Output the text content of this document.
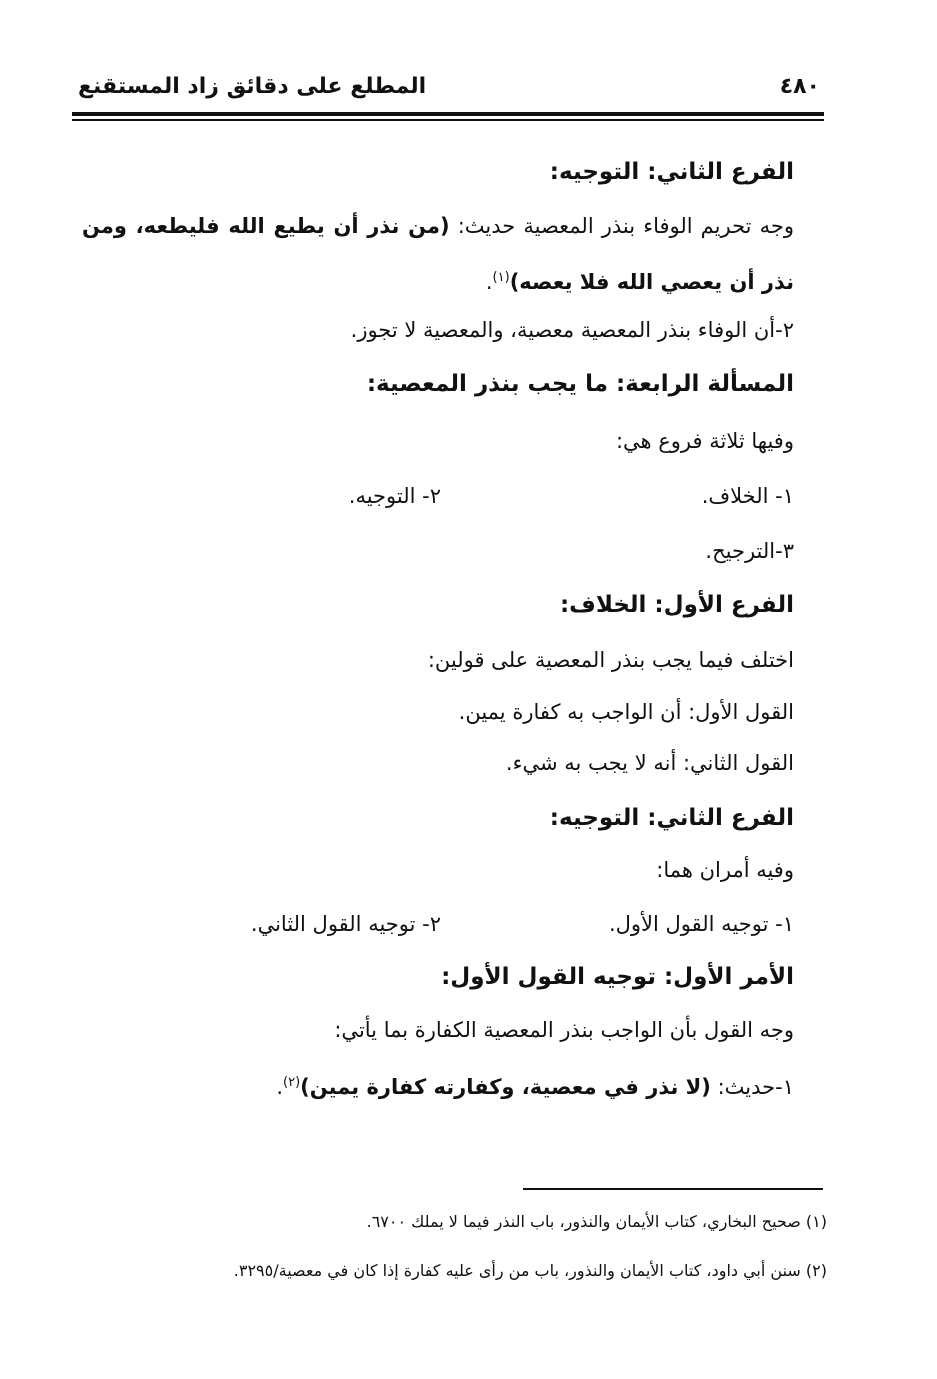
٤٨٠
المطلع على دقائق زاد المستقنع
الفرع الثاني: التوجيه:
وجه تحريم الوفاء بنذر المعصية حديث: (من نذر أن يطيع الله فليطعه، ومن
نذر أن يعصي الله فلا يعصه)$^{(١)}$.
٢-أن الوفاء بنذر المعصية معصية، والمعصية لا تجوز.
المسألة الرابعة: ما يجب بنذر المعصية:
وفيها ثلاثة فروع هي:
١- الخلاف.
٢- التوجيه.
٣-الترجيح.
الفرع الأول: الخلاف:
اختلف فيما يجب بنذر المعصية على قولين:
القول الأول: أن الواجب به كفارة يمين.
القول الثاني: أنه لا يجب به شيء.
الفرع الثاني: التوجيه:
وفيه أمران هما:
١- توجيه القول الأول.
٢- توجيه القول الثاني.
الأمر الأول: توجيه القول الأول:
وجه القول بأن الواجب بنذر المعصية الكفارة بما يأتي:
١-حديث: (لا نذر في معصية، وكفارته كفارة يمين)$^{(٢)}$.
(١) صحيح البخاري، كتاب الأيمان والنذور، باب النذر فيما لا يملك ٦٧٠٠.
(٢) سنن أبي داود، كتاب الأيمان والنذور، باب من رأى عليه كفارة إذا كان في معصية/٣٢٩٥.
